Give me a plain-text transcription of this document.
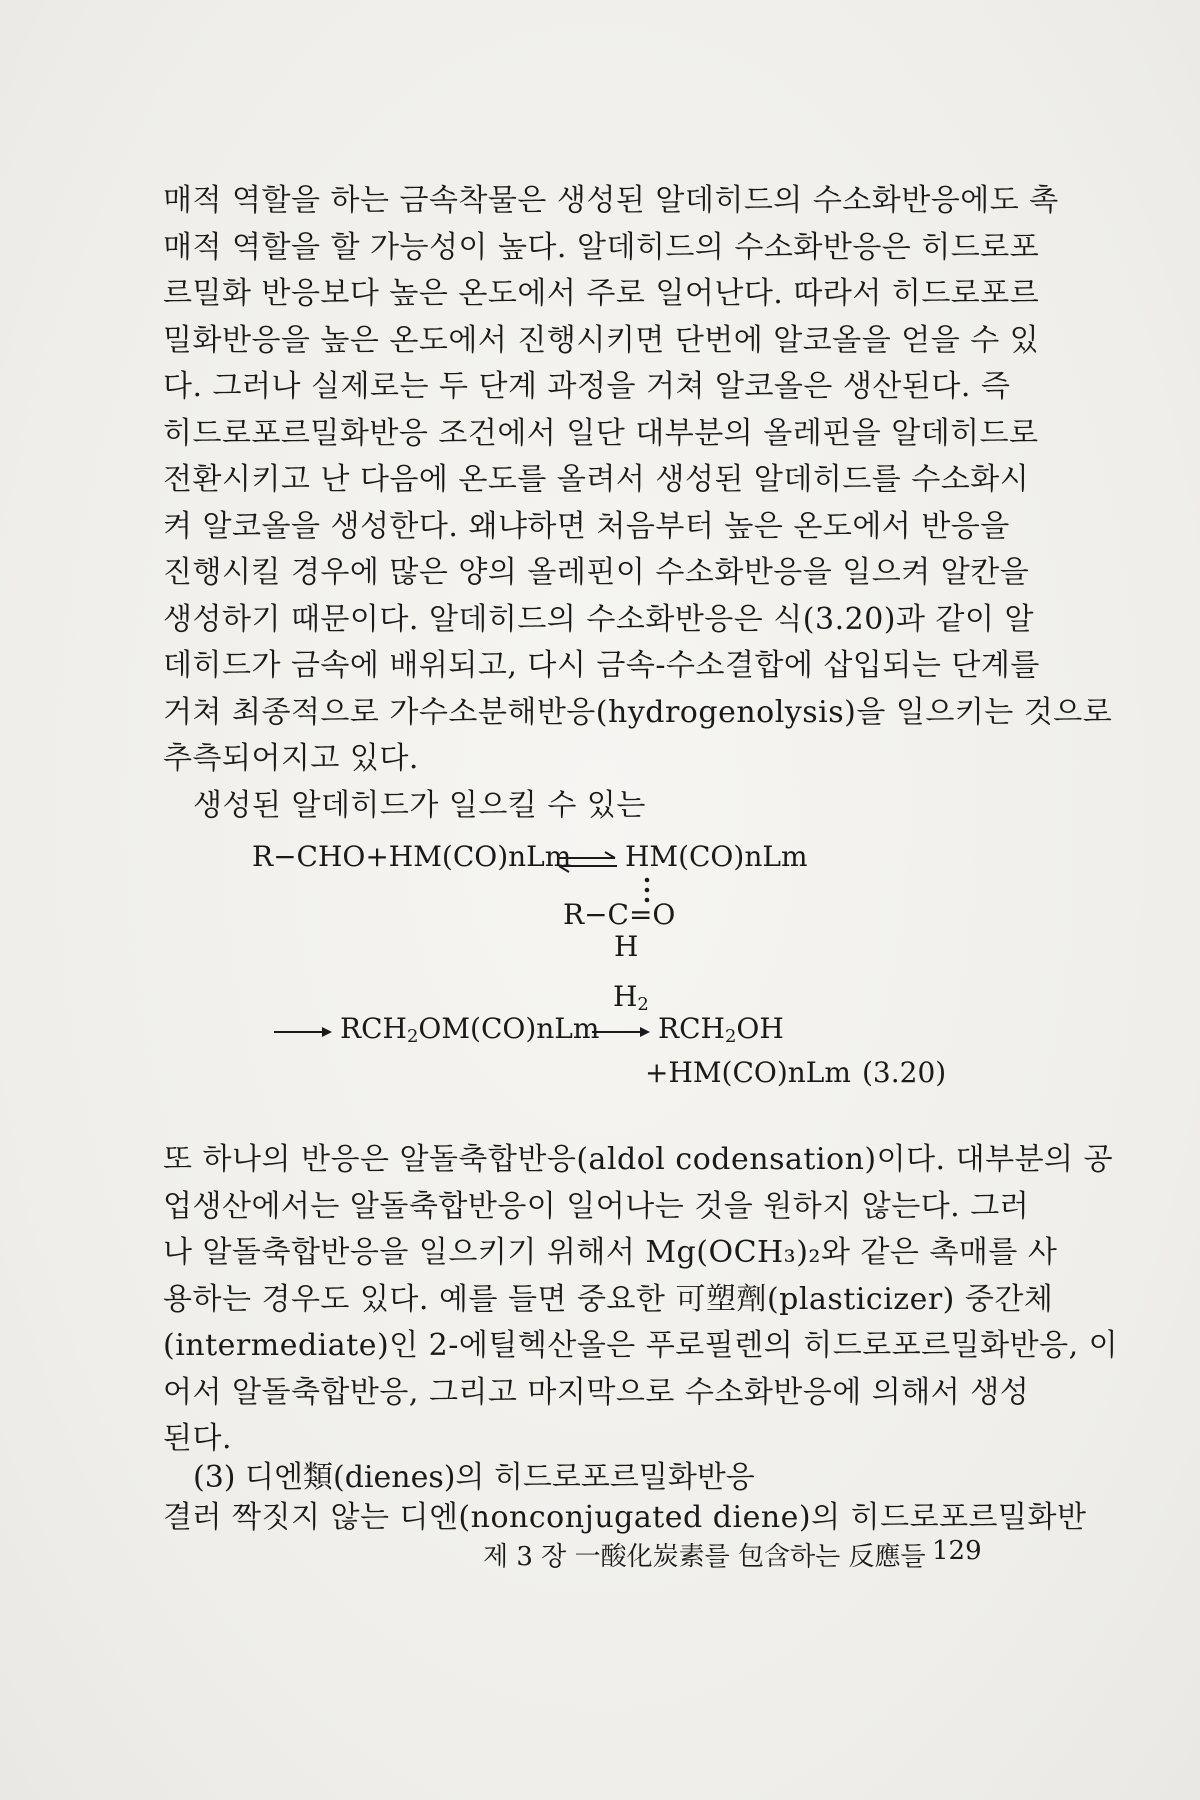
매적 역할을 하는 금속착물은 생성된 알데히드의 수소화반응에도 촉
매적 역할을 할 가능성이 높다. 알데히드의 수소화반응은 히드로포
르밀화 반응보다 높은 온도에서 주로 일어난다. 따라서 히드로포르
밀화반응을 높은 온도에서 진행시키면 단번에 알코올을 얻을 수 있
다. 그러나 실제로는 두 단계 과정을 거쳐 알코올은 생산된다. 즉
히드로포르밀화반응 조건에서 일단 대부분의 올레핀을 알데히드로
전환시키고 난 다음에 온도를 올려서 생성된 알데히드를 수소화시
켜 알코올을 생성한다. 왜냐하면 처음부터 높은 온도에서 반응을
진행시킬 경우에 많은 양의 올레핀이 수소화반응을 일으켜 알칸을
생성하기 때문이다. 알데히드의 수소화반응은 식(3.20)과 같이 알
데히드가 금속에 배위되고, 다시 금속-수소결합에 삽입되는 단계를
거쳐 최종적으로 가수소분해반응(hydrogenolysis)을 일으키는 것으로
추측되어지고 있다.
생성된 알데히드가 일으킬 수 있는
R−CHO+HM(CO)nLm ⇌ HM(CO)nLm
R−C=O
H
$H_2$
→ $RCH_2OM(CO)nLm \to RCH_2OH$
+HM(CO)nLm (3.20)
또 하나의 반응은 알돌축합반응(aldol codensation)이다. 대부분의 공
업생산에서는 알돌축합반응이 일어나는 것을 원하지 않는다. 그러
나 알돌축합반응을 일으키기 위해서 Mg(OCH₃)₂와 같은 촉매를 사
용하는 경우도 있다. 예를 들면 중요한 可塑劑(plasticizer) 중간체
(intermediate)인 2-에틸헥산올은 푸로필렌의 히드로포르밀화반응, 이
어서 알돌축합반응, 그리고 마지막으로 수소화반응에 의해서 생성
된다.
(3) 디엔類(dienes)의 히드로포르밀화반응
결러 짝짓지 않는 디엔(nonconjugated diene)의 히드로포르밀화반
제 3 장 一酸化炭素를 包含하는 反應들 129
